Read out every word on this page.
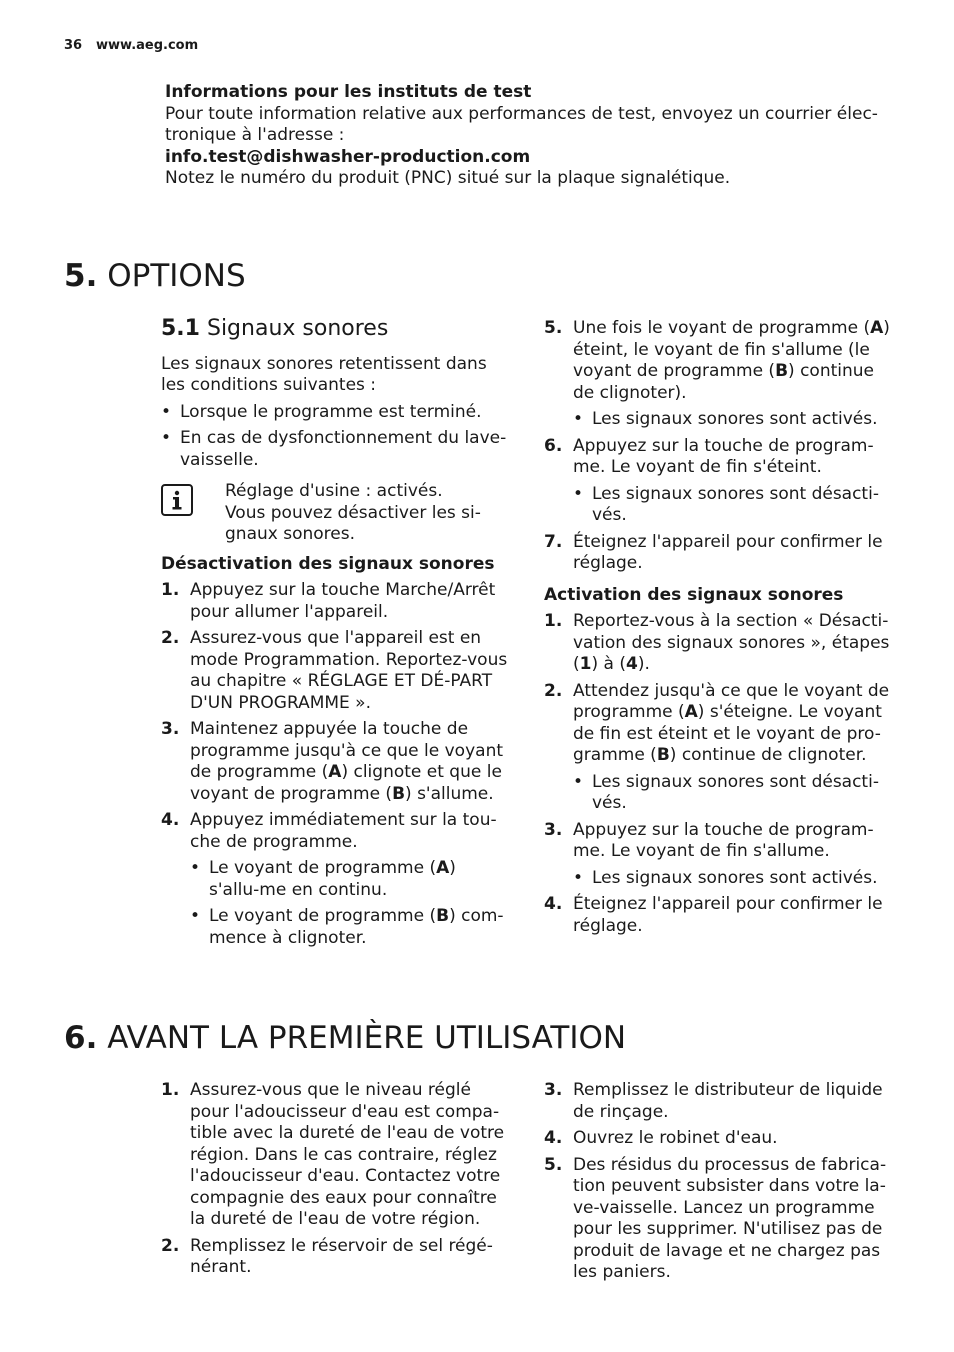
36 www.aeg.com
Informations pour les instituts de test
Pour toute information relative aux performances de test, envoyez un courrier élec-tronique à l'adresse :
info.test@dishwasher-production.com
Notez le numéro du produit (PNC) situé sur la plaque signalétique.
5. OPTIONS
5.1 Signaux sonores

Les signaux sonores retentissent dans les conditions suivantes :

• Lorsque le programme est terminé.
• En cas de dysfonctionnement du lave-vaisselle.
Réglage d'usine : activés.
Vous pouvez désactiver les si-gnaux sonores.
Désactivation des signaux sonores
1. Appuyez sur la touche Marche/Arrêt pour allumer l'appareil.
2. Assurez-vous que l'appareil est en mode Programmation. Reportez-vous au chapitre « RÉGLAGE ET DÉ-PART D'UN PROGRAMME ».
3. Maintenez appuyée la touche de programme jusqu'à ce que le voyant de programme (A) clignote et que le voyant de programme (B) s'allume.
4. Appuyez immédiatement sur la tou-che de programme.
• Le voyant de programme (A) s'allu-me en continu.
• Le voyant de programme (B) com-mence à clignoter.
5. Une fois le voyant de programme (A) éteint, le voyant de fin s'allume (le voyant de programme (B) continue de clignoter).
• Les signaux sonores sont activés.
6. Appuyez sur la touche de program-me. Le voyant de fin s'éteint.
• Les signaux sonores sont désacti-vés.
7. Éteignez l'appareil pour confirmer le réglage.
Activation des signaux sonores
1. Reportez-vous à la section « Désacti-vation des signaux sonores », étapes (1) à (4).
2. Attendez jusqu'à ce que le voyant de programme (A) s'éteigne. Le voyant de fin est éteint et le voyant de pro-gramme (B) continue de clignoter.
• Les signaux sonores sont désacti-vés.
3. Appuyez sur la touche de program-me. Le voyant de fin s'allume.
• Les signaux sonores sont activés.
4. Éteignez l'appareil pour confirmer le réglage.
6. AVANT LA PREMIÈRE UTILISATION
1. Assurez-vous que le niveau réglé pour l'adoucisseur d'eau est compa-tible avec la dureté de l'eau de votre région. Dans le cas contraire, réglez l'adoucisseur d'eau. Contactez votre compagnie des eaux pour connaître la dureté de l'eau de votre région.
2. Remplissez le réservoir de sel régé-nérant.
3. Remplissez le distributeur de liquide de rinçage.
4. Ouvrez le robinet d'eau.
5. Des résidus du processus de fabrica-tion peuvent subsister dans votre la-ve-vaisselle. Lancez un programme pour les supprimer. N'utilisez pas de produit de lavage et ne chargez pas les paniers.
